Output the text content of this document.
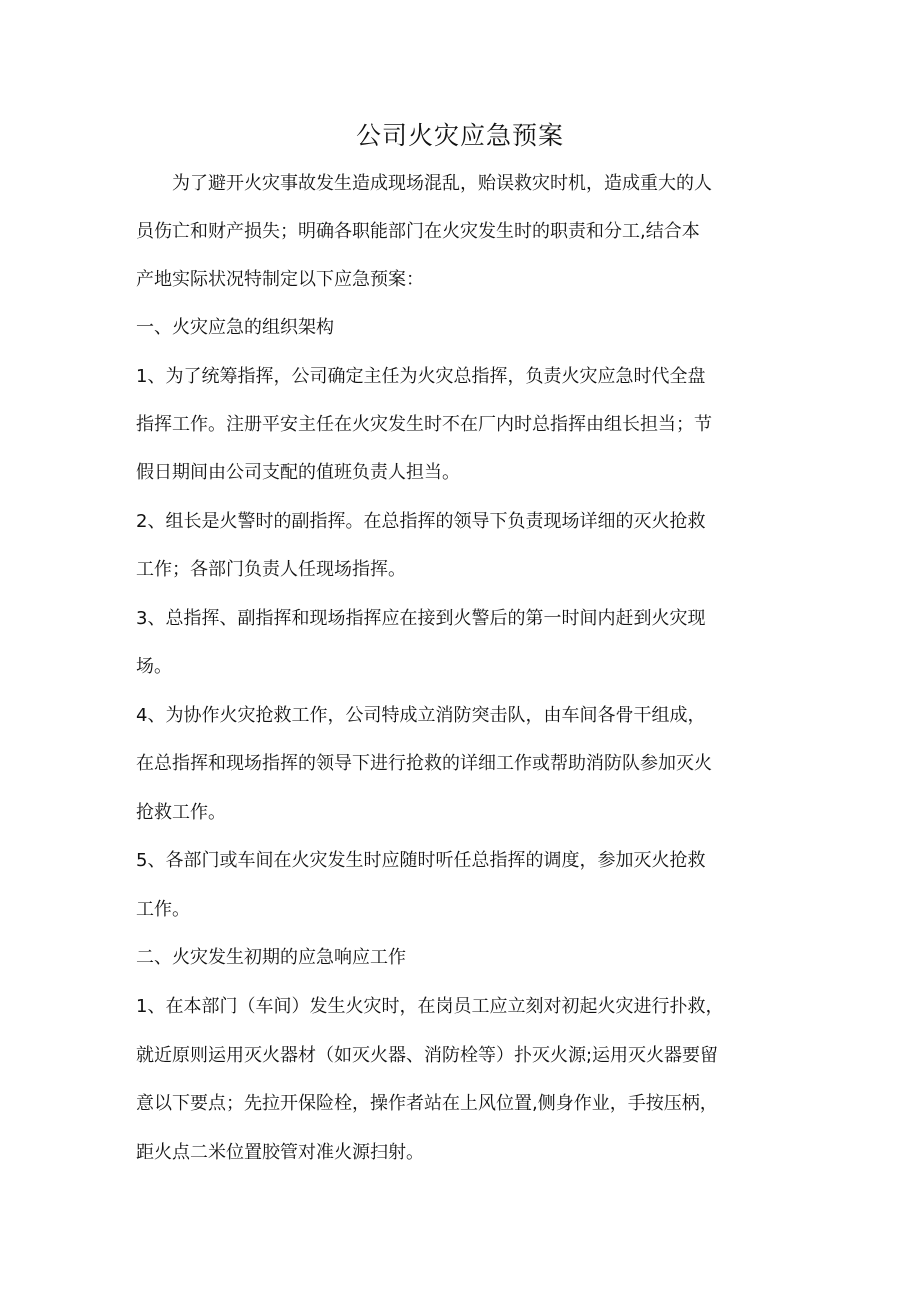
公司火灾应急预案
为了避开火灾事故发生造成现场混乱，贻误救灾时机，造成重大的人
员伤亡和财产损失；明确各职能部门在火灾发生时的职责和分工,结合本
产地实际状况特制定以下应急预案：
一、火灾应急的组织架构
1、为了统筹指挥，公司确定主任为火灾总指挥，负责火灾应急时代全盘
指挥工作。注册平安主任在火灾发生时不在厂内时总指挥由组长担当；节
假日期间由公司支配的值班负责人担当。
2、组长是火警时的副指挥。在总指挥的领导下负责现场详细的灭火抢救
工作；各部门负责人任现场指挥。
3、总指挥、副指挥和现场指挥应在接到火警后的第一时间内赶到火灾现
场。
4、为协作火灾抢救工作，公司特成立消防突击队，由车间各骨干组成，
在总指挥和现场指挥的领导下进行抢救的详细工作或帮助消防队参加灭火
抢救工作。
5、各部门或车间在火灾发生时应随时听任总指挥的调度，参加灭火抢救
工作。
二、火灾发生初期的应急响应工作
1、在本部门（车间）发生火灾时，在岗员工应立刻对初起火灾进行扑救，
就近原则运用灭火器材（如灭火器、消防栓等）扑灭火源;运用灭火器要留
意以下要点；先拉开保险栓，操作者站在上风位置,侧身作业，手按压柄，
距火点二米位置胶管对准火源扫射。
